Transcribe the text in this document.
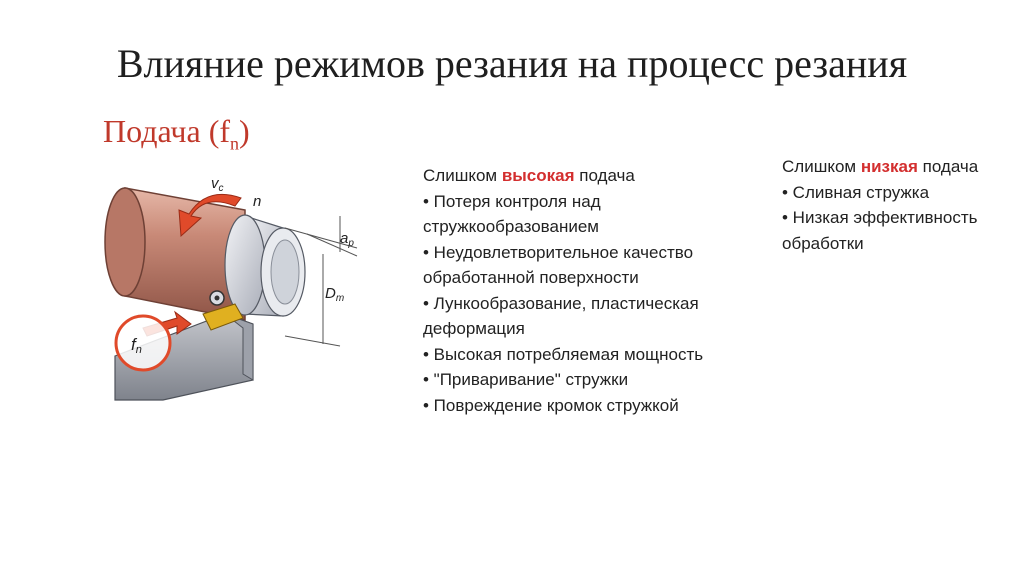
Влияние режимов резания на процесс резания
Подача $(f_n)$
$v_c$
n
$a_p$
$D_m$
fn
Слишком высокая подача
• Потеря контроля над
стружкообразованием
• Неудовлетворительное качество
обработанной поверхности
• Лункообразование, пластическая
деформация
• Высокая потребляемая мощность
• "Приваривание" стружки
• Повреждение кромок стружкой
Слишком низкая подача
• Сливная стружка
• Низкая эффективность
обработки
